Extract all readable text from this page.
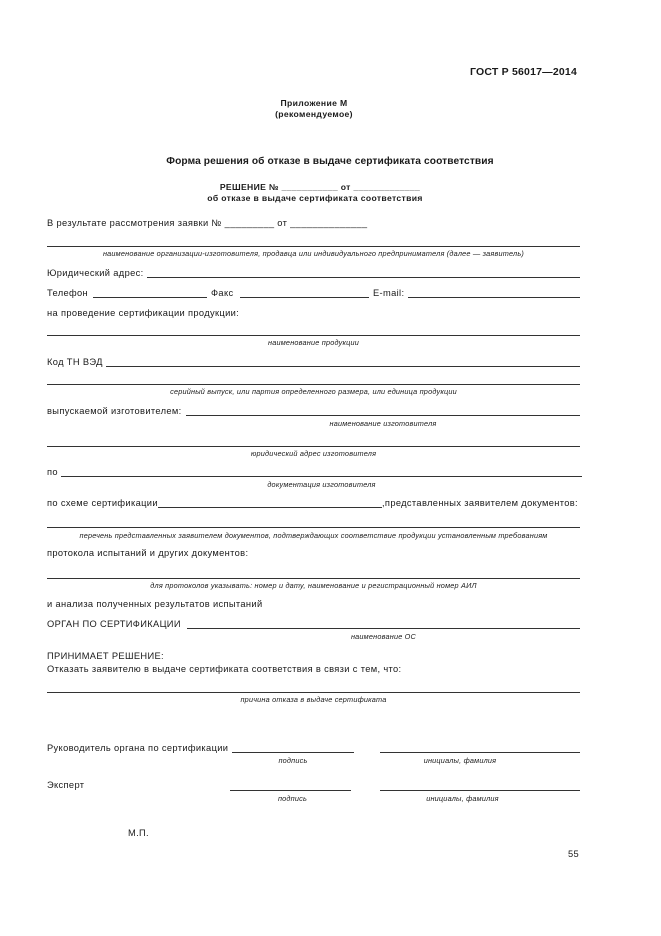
ГОСТ Р 56017—2014
Приложение М
(рекомендуемое)
Форма решения об отказе в выдаче сертификата соответствия
РЕШЕНИЕ № ___________ от _____________
об отказе в выдаче сертификата соответствия
В результате рассмотрения заявки № _________ от ______________
наименование организации-изготовителя, продавца или индивидуального предпринимателя (далее — заявитель)
Юридический адрес:
Телефон	Факс	E-mail:
на проведение сертификации продукции:
наименование продукции
Код ТН ВЭД
серийный выпуск, или партия определенного размера, или единица продукции
выпускаемой изготовителем:
наименование изготовителя
юридический адрес изготовителя
по
документация изготовителя
по схеме сертификации	,представленных заявителем документов:
перечень представленных заявителем документов, подтверждающих соответствие продукции установленным требованиям
протокола испытаний и других документов:
для протоколов указывать: номер и дату, наименование и регистрационный номер АИЛ
и анализа полученных результатов испытаний
ОРГАН ПО СЕРТИФИКАЦИИ
наименование ОС
ПРИНИМАЕТ РЕШЕНИЕ:
Отказать заявителю в выдаче сертификата соответствия в связи с тем, что:
причина отказа в выдаче сертификата
Руководитель органа по сертификации
подпись	инициалы, фамилия
Эксперт
подпись	инициалы, фамилия
М.П.
55
